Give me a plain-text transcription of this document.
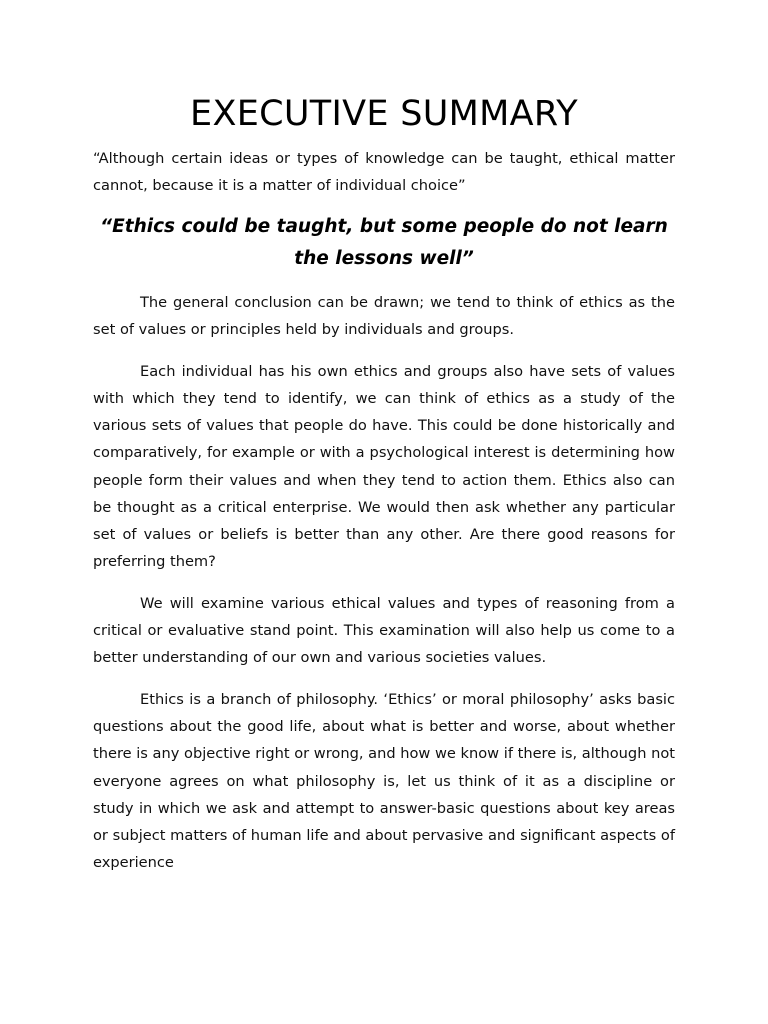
EXECUTIVE SUMMARY

“Although certain ideas or types of knowledge can be taught, ethical matter cannot, because it is a matter of individual choice”

“Ethics could be taught, but some people do not learn the lessons well”

The general conclusion can be drawn; we tend to think of ethics as the set of values or principles held by individuals and groups.

Each individual has his own ethics and groups also have sets of values with which they tend to identify, we can think of ethics as a study of the various sets of values that people do have. This could be done historically and comparatively, for example or with a psychological interest is determining how people form their values and when they tend to action them. Ethics also can be thought as a critical enterprise. We would then ask whether any particular set of values or beliefs is better than any other. Are there good reasons for preferring them?

We will examine various ethical values and types of reasoning from a critical or evaluative stand point. This examination will also help us come to a better understanding of our own and various societies values.

Ethics is a branch of philosophy. ‘Ethics’ or moral philosophy’ asks basic questions about the good life, about what is better and worse, about whether there is any objective right or wrong, and how we know if there is, although not everyone agrees on what philosophy is, let us think of it as a discipline or study in which we ask and attempt to answer-basic questions about key areas or subject matters of human life and about pervasive and significant aspects of experience
